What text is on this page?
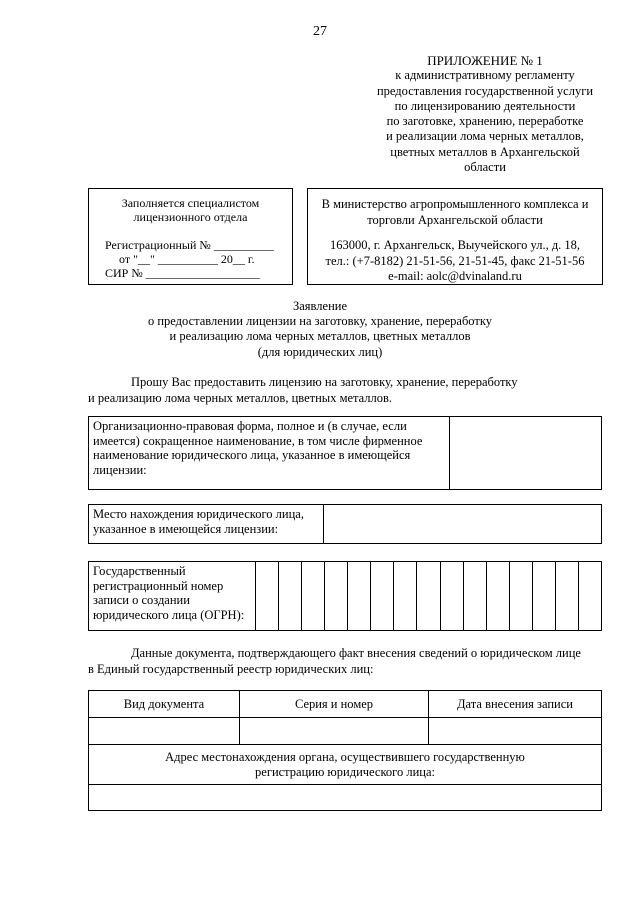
27
ПРИЛОЖЕНИЕ № 1
к административному регламенту
предоставления государственной услуги
по лицензированию деятельности
по заготовке, хранению, переработке
и реализации лома черных металлов,
цветных металлов в Архангельской
области
Заполняется специалистом
лицензионного отдела
Регистрационный № __________
от "__" __________ 20__ г.
СИР № ___________________
В министерство агропромышленного комплекса и
торговли Архангельской области
163000, г. Архангельск, Выучейского ул., д. 18,
тел.: (+7-8182) 21-51-56, 21-51-45, факс 21-51-56
e-mail: aolc@dvinaland.ru
Заявление
о предоставлении лицензии на заготовку, хранение, переработку
и реализацию лома черных металлов, цветных металлов
(для юридических лиц)
Прошу Вас предоставить лицензию на заготовку, хранение, переработку
и реализацию лома черных металлов, цветных металлов.
Организационно-правовая форма, полное и (в случае, если имеется) сокращенное наименование, в том числе фирменное наименование юридического лица, указанное в имеющейся лицензии:	
Место нахождения юридического лица, указанное в имеющейся лицензии:	
Государственный регистрационный номер записи о создании юридического лица (ОГРН):															
Данные документа, подтверждающего факт внесения сведений о юридическом лице
в Единый государственный реестр юридических лиц:
Вид документа	Серия и номер	Дата внесения записи

Адрес местонахождения органа, осуществившего государственную регистрацию юридического лица:		
